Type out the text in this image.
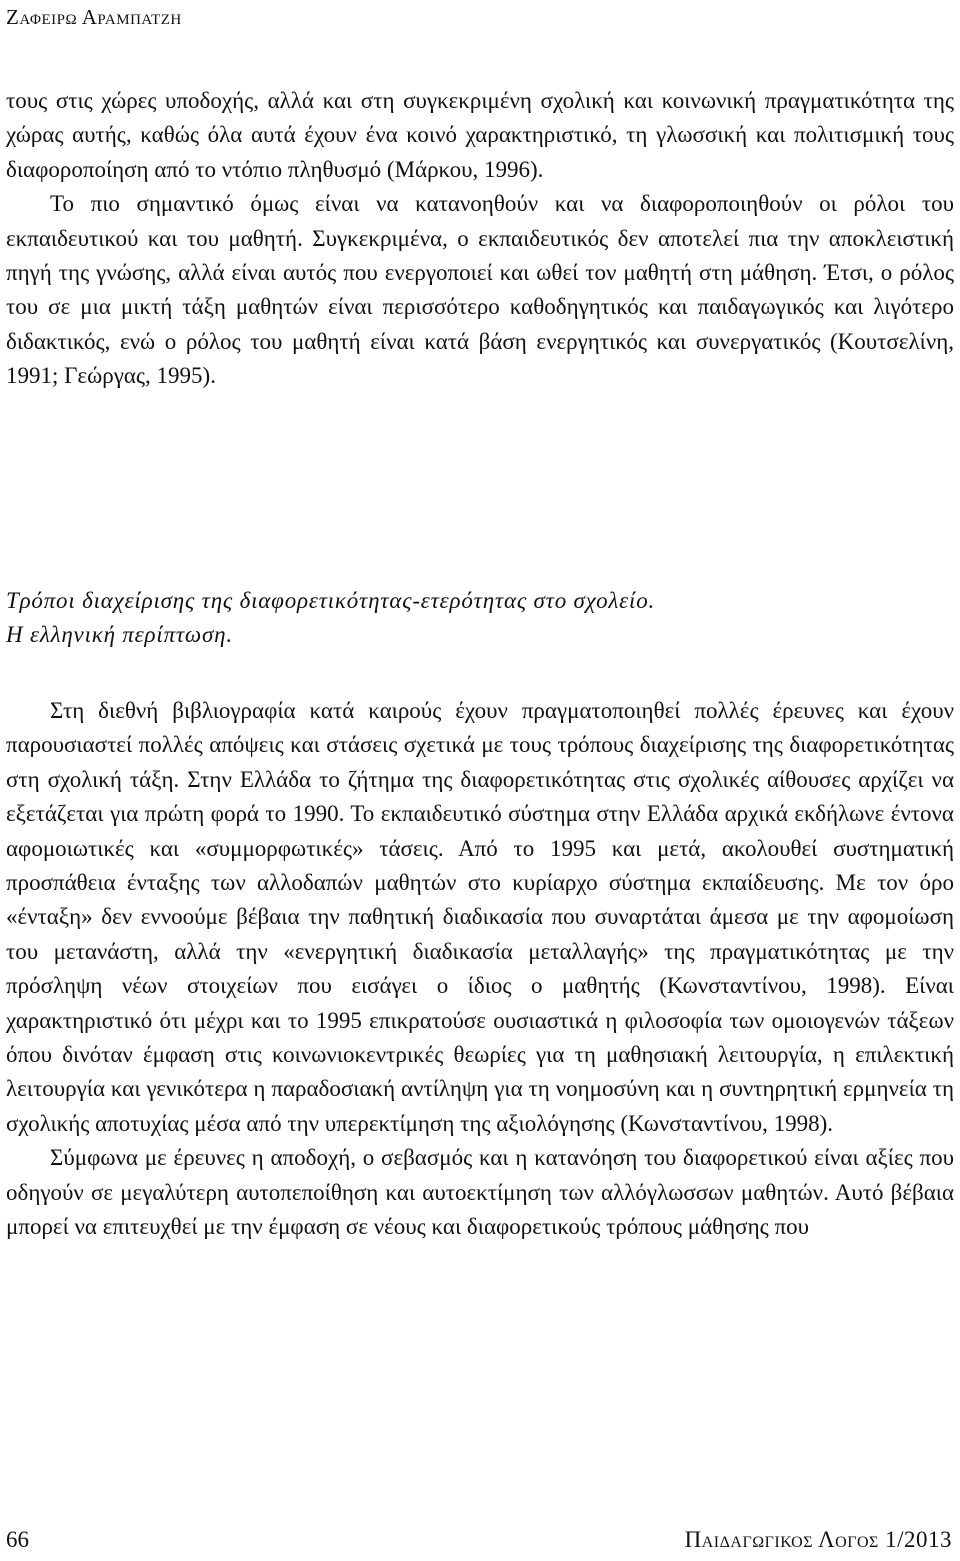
Ζαφειρω Αραμπατζη

τους στις χώρες υποδοχής, αλλά και στη συγκεκριμένη σχολική και κοινωνική πραγματικότητα της χώρας αυτής, καθώς όλα αυτά έχουν ένα κοινό χαρακτηριστικό, τη γλωσσική και πολιτισμική τους διαφοροποίηση από το ντόπιο πληθυσμό (Μάρκου, 1996).

Το πιο σημαντικό όμως είναι να κατανοηθούν και να διαφοροποιηθούν οι ρόλοι του εκπαιδευτικού και του μαθητή. Συγκεκριμένα, ο εκπαιδευτικός δεν αποτελεί πια την αποκλειστική πηγή της γνώσης, αλλά είναι αυτός που ενεργοποιεί και ωθεί τον μαθητή στη μάθηση. Έτσι, ο ρόλος του σε μια μικτή τάξη μαθητών είναι περισσότερο καθοδηγητικός και παιδαγωγικός και λιγότερο διδακτικός, ενώ ο ρόλος του μαθητή είναι κατά βάση ενεργητικός και συνεργατικός (Κουτσελίνη, 1991; Γεώργας, 1995).

Τρόποι διαχείρισης της διαφορετικότητας-ετερότητας στο σχολείο.
Η ελληνική περίπτωση.

Στη διεθνή βιβλιογραφία κατά καιρούς έχουν πραγματοποιηθεί πολλές έρευνες και έχουν παρουσιαστεί πολλές απόψεις και στάσεις σχετικά με τους τρόπους διαχείρισης της διαφορετικότητας στη σχολική τάξη. Στην Ελλάδα το ζήτημα της διαφορετικότητας στις σχολικές αίθουσες αρχίζει να εξετάζεται για πρώτη φορά το 1990. Το εκπαιδευτικό σύστημα στην Ελλάδα αρχικά εκδήλωνε έντονα αφομοιωτικές και «συμμορφωτικές» τάσεις. Από το 1995 και μετά, ακολουθεί συστηματική προσπάθεια ένταξης των αλλοδαπών μαθητών στο κυρίαρχο σύστημα εκπαίδευσης. Με τον όρο «ένταξη» δεν εννοούμε βέβαια την παθητική διαδικασία που συναρτάται άμεσα με την αφομοίωση του μετανάστη, αλλά την «ενεργητική διαδικασία μεταλλαγής» της πραγματικότητας με την πρόσληψη νέων στοιχείων που εισάγει ο ίδιος ο μαθητής (Κωνσταντίνου, 1998). Είναι χαρακτηριστικό ότι μέχρι και το 1995 επικρατούσε ουσιαστικά η φιλοσοφία των ομοιογενών τάξεων όπου δινόταν έμφαση στις κοινωνιοκεντρικές θεωρίες για τη μαθησιακή λειτουργία, η επιλεκτική λειτουργία και γενικότερα η παραδοσιακή αντίληψη για τη νοημοσύνη και η συντηρητική ερμηνεία τη σχολικής αποτυχίας μέσα από την υπερεκτίμηση της αξιολόγησης (Κωνσταντίνου, 1998).

Σύμφωνα με έρευνες η αποδοχή, ο σεβασμός και η κατανόηση του διαφορετικού είναι αξίες που οδηγούν σε μεγαλύτερη αυτοπεποίθηση και αυτοεκτίμηση των αλλόγλωσσων μαθητών. Αυτό βέβαια μπορεί να επιτευχθεί με την έμφαση σε νέους και διαφορετικούς τρόπους μάθησης που

66	Παιδαγωγικος Λογος 1/2013
